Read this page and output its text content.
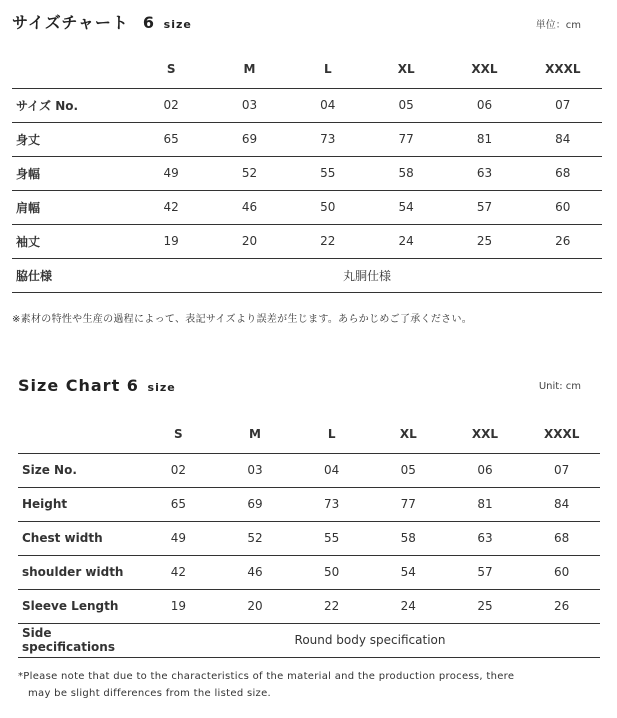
サイズチャート 6 size	単位：cm
	S	M	L	XL	XXL	XXXL
サイズ No.	02	03	04	05	06	07
身丈	65	69	73	77	81	84
身幅	49	52	55	58	63	68
肩幅	42	46	50	54	57	60
袖丈	19	20	22	24	25	26
脇仕様	丸胴仕様					
※素材の特性や生産の過程によって、表記サイズより誤差が生じます。あらかじめご了承ください。
Size Chart 6 size	Unit: cm
	S	M	L	XL	XXL	XXXL
Size No.	02	03	04	05	06	07
Height	65	69	73	77	81	84
Chest width	49	52	55	58	63	68
shoulder width	42	46	50	54	57	60
Sleeve Length	19	20	22	24	25	26
Side specifications	Round body specification					
*Please note that due to the characteristics of the material and the production process, there
may be slight differences from the listed size.
